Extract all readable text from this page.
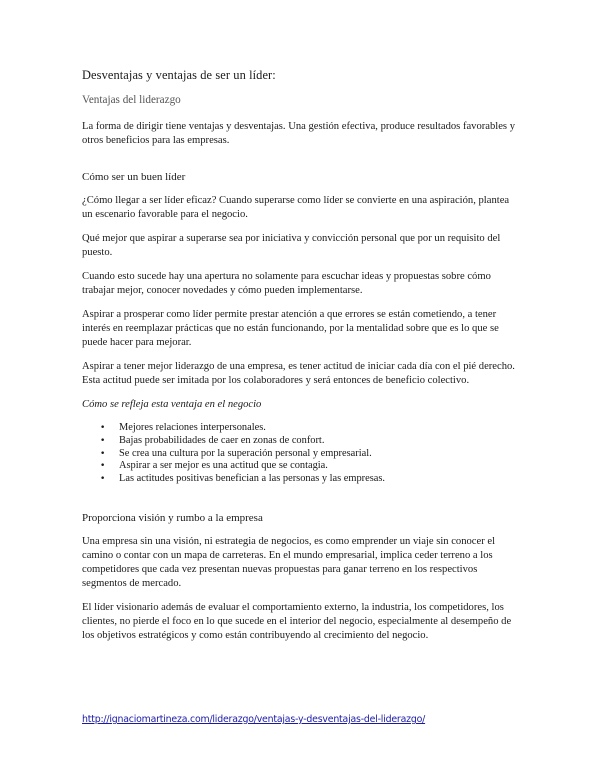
Desventajas y ventajas de ser un líder:
Ventajas del liderazgo

La forma de dirigir tiene ventajas y desventajas. Una gestión efectiva, produce resultados favorables y otros beneficios para las empresas.

Cómo ser un buen líder

¿Cómo llegar a ser líder eficaz? Cuando superarse como líder se convierte en una aspiración, plantea un escenario favorable para el negocio.

Qué mejor que aspirar a superarse sea por iniciativa y convicción personal que por un requisito del puesto.

Cuando esto sucede hay una apertura no solamente para escuchar ideas y propuestas sobre cómo trabajar mejor, conocer novedades y cómo pueden implementarse.

Aspirar a prosperar como líder permite prestar atención a que errores se están cometiendo, a tener interés en reemplazar prácticas que no están funcionando, por la mentalidad sobre que es lo que se puede hacer para mejorar.

Aspirar a tener mejor liderazgo de una empresa, es tener actitud de iniciar cada día con el pié derecho. Esta actitud puede ser imitada por los colaboradores y será entonces de beneficio colectivo.

Cómo se refleja esta ventaja en el negocio

• Mejores relaciones interpersonales.
• Bajas probabilidades de caer en zonas de confort.
• Se crea una cultura por la superación personal y empresarial.
• Aspirar a ser mejor es una actitud que se contagia.
• Las actitudes positivas benefician a las personas y las empresas.
Proporciona visión y rumbo a la empresa

Una empresa sin una visión, ni estrategia de negocios, es como emprender un viaje sin conocer el camino o contar con un mapa de carreteras. En el mundo empresarial, implica ceder terreno a los competidores que cada vez presentan nuevas propuestas para ganar terreno en los respectivos segmentos de mercado.

El líder visionario además de evaluar el comportamiento externo, la industria, los competidores, los clientes, no pierde el foco en lo que sucede en el interior del negocio, especialmente al desempeño de los objetivos estratégicos y como están contribuyendo al crecimiento del negocio.

http://ignaciomartineza.com/liderazgo/ventajas-y-desventajas-del-liderazgo/
